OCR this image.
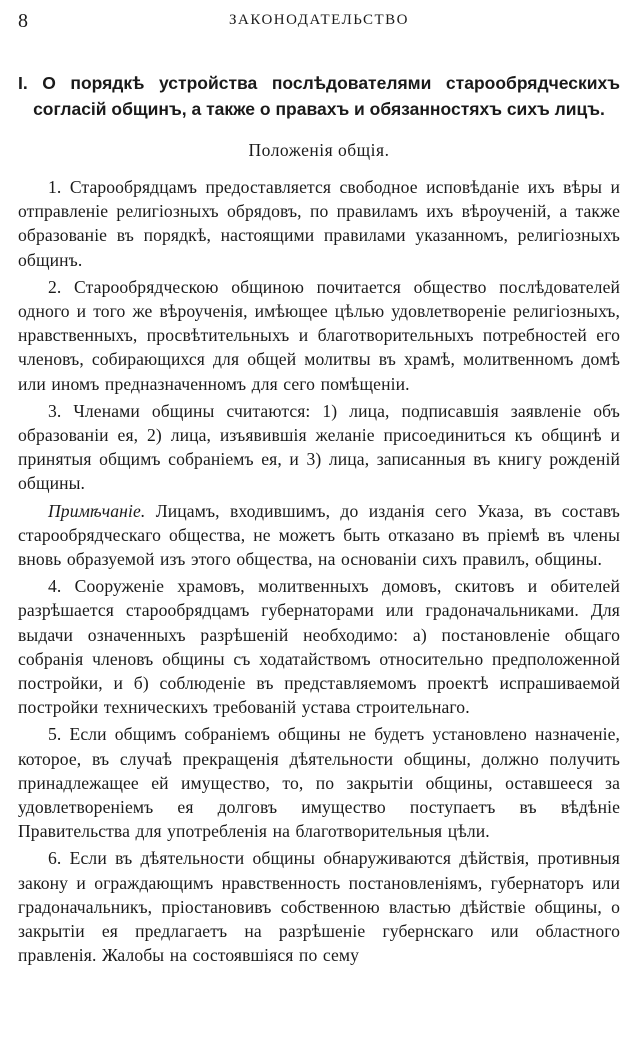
8	ЗАКОНОДАТЕЛЬСТВО
I. О порядкѣ устройства послѣдователями старообрядческихъ согласій общинъ, а также о правахъ и обязанностяхъ сихъ лицъ.
Положенія общія.

1. Старообрядцамъ предоставляется свободное исповѣданіе ихъ вѣры и отправленіе религіозныхъ обрядовъ, по правиламъ ихъ вѣроученій, а также образованіе въ порядкѣ, настоящими правилами указанномъ, религіозныхъ общинъ.

2. Старообрядческою общиною почитается общество послѣдователей одного и того же вѣроученія, имѣющее цѣлью удовлетвореніе религіозныхъ, нравственныхъ, просвѣтительныхъ и благотворительныхъ потребностей его членовъ, собирающихся для общей молитвы въ храмѣ, молитвенномъ домѣ или иномъ предназначенномъ для сего помѣщеніи.

3. Членами общины считаются: 1) лица, подписавшія заявленіе объ образованіи ея, 2) лица, изъявившія желаніе присоединиться къ общинѣ и принятыя общимъ собраніемъ ея, и 3) лица, записанныя въ книгу рожденій общины.

Примѣчаніе. Лицамъ, входившимъ, до изданія сего Указа, въ составъ старообрядческаго общества, не можетъ быть отказано въ пріемѣ въ члены вновь образуемой изъ этого общества, на основаніи сихъ правилъ, общины.

4. Сооруженіе храмовъ, молитвенныхъ домовъ, скитовъ и обителей разрѣшается старообрядцамъ губернаторами или градоначальниками. Для выдачи означенныхъ разрѣшеній необходимо: а) постановленіе общаго собранія членовъ общины съ ходатайствомъ относительно предположенной постройки, и б) соблюденіе въ представляемомъ проектѣ испрашиваемой постройки техническихъ требованій устава строительнаго.

5. Если общимъ собраніемъ общины не будетъ установлено назначеніе, которое, въ случаѣ прекращенія дѣятельности общины, должно получить принадлежащее ей имущество, то, по закрытіи общины, оставшееся за удовлетвореніемъ ея долговъ имущество поступаетъ въ вѣдѣніе Правительства для употребленія на благотворительныя цѣли.

6. Если въ дѣятельности общины обнаруживаются дѣйствія, противныя закону и ограждающимъ нравственность постановленіямъ, губернаторъ или градоначальникъ, пріостановивъ собственною властью дѣйствіе общины, о закрытіи ея предлагаетъ на разрѣшеніе губернскаго или областного правленія. Жалобы на состоявшіяся по сему
